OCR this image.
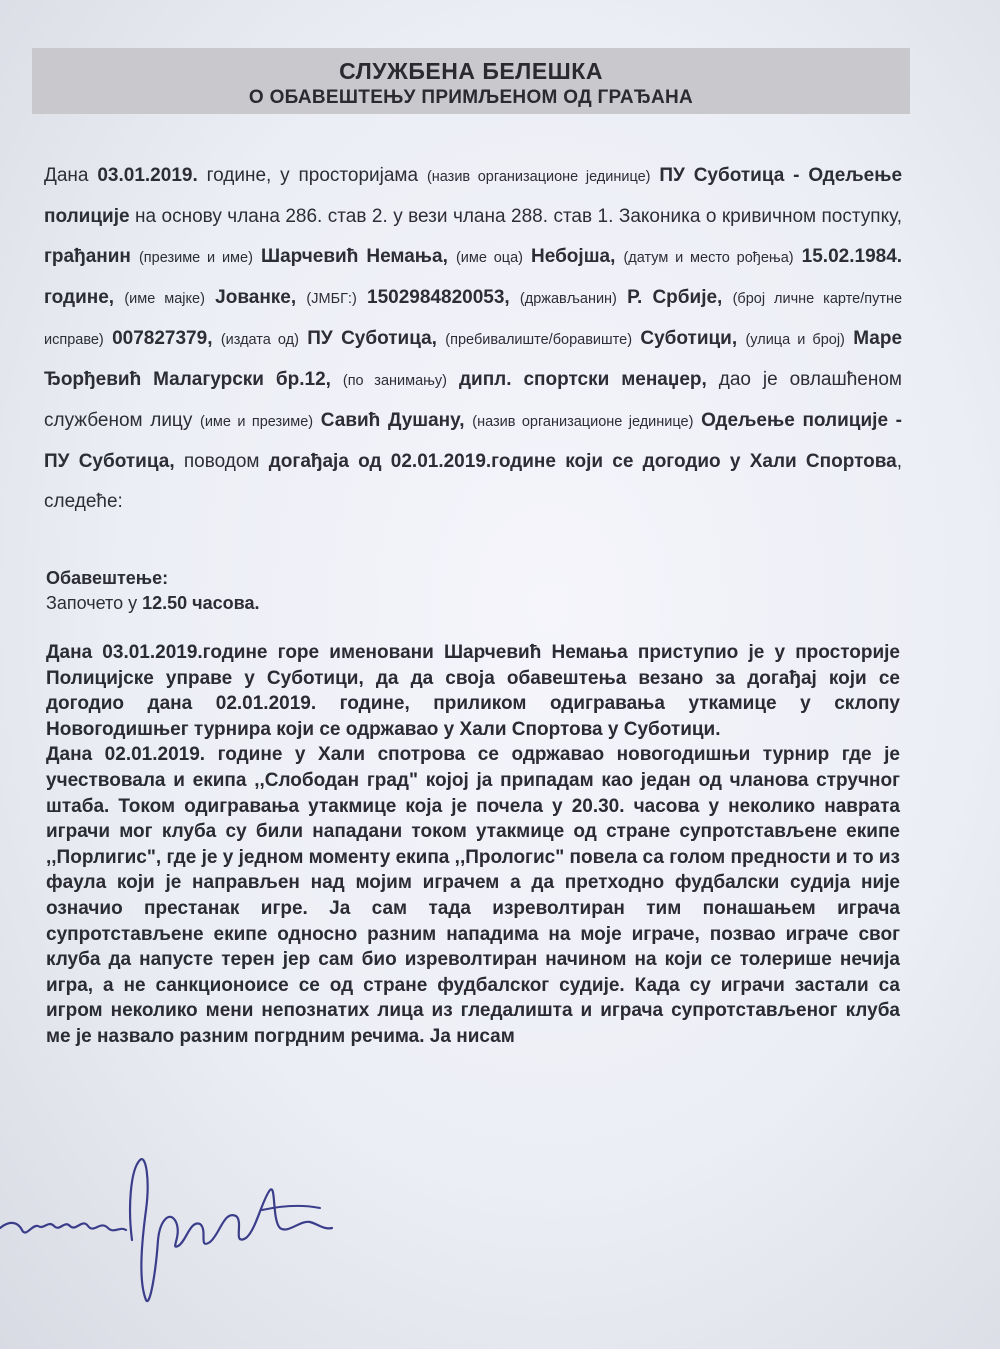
СЛУЖБЕНА БЕЛЕШКА
О ОБАВЕШТЕЊУ ПРИМЉЕНОМ ОД ГРАЂАНА
Дана 03.01.2019. године, у просторијама (назив организационе јединице) ПУ Суботица - Одељење полиције на основу члана 286. став 2. у вези члана 288. став 1. Законика о кривичном поступку, грађанин (презиме и име) Шарчевић Немања, (име оца) Небојша, (датум и место рођења) 15.02.1984. године, (име мајке) Јованке, (ЈМБГ:) 1502984820053, (држављанин) Р. Србије, (број личне карте/путне исправе) 007827379, (издата од) ПУ Суботица, (пребивалиште/боравиште) Суботици, (улица и број) Маре Ђорђевић Малагурски бр.12, (по занимању) дипл. спортски менаџер, дао је овлашћеном службеном лицу (име и презиме) Савић Душану, (назив организационе јединице) Одељење полиције - ПУ Суботица, поводом догађаја од 02.01.2019.године који се догодио у Хали Спортова, следеће:
Обавештење:
Започето у 12.50 часова.

Дана 03.01.2019.године горе именовани Шарчевић Немања приступио је у просторије Полицијске управе у Суботици, да да своја обавештења везано за догађај који се догодио дана 02.01.2019. године, приликом одигравања уткамице у склопу Новогодишњег турнира који се одржавао у Хали Спортова у Суботици.

Дана 02.01.2019. године у Хали спотрова се одржавао новогодишњи турнир где је учествовала и екипа ,,Слободан град" којој ја припадам као један од чланова стручног штаба. Током одигравања утакмице која је почела у 20.30. часова у неколико наврата играчи мог клуба су били нападани током утакмице од стране супротстављене екипе ,,Порлигис", где је у једном моменту екипа ,,Прологис" повела са голом предности и то из фаула који је направљен над мојим играчем а да претходно фудбалски судија није означио престанак игре. Ја сам тада изреволтиран тим понашањем играча супротстављене екипе односно разним нападима на моје играче, позвао играче свог клуба да напусте терен јер сам био изреволтиран начином на који се толерише нечија игра, а не санкционоисе се од стране фудбалског судије. Када су играчи застали са игром неколико мени непознатих лица из гледалишта и играча супротстављеног клуба ме је назвало разним погрдним речима. Ја нисам
